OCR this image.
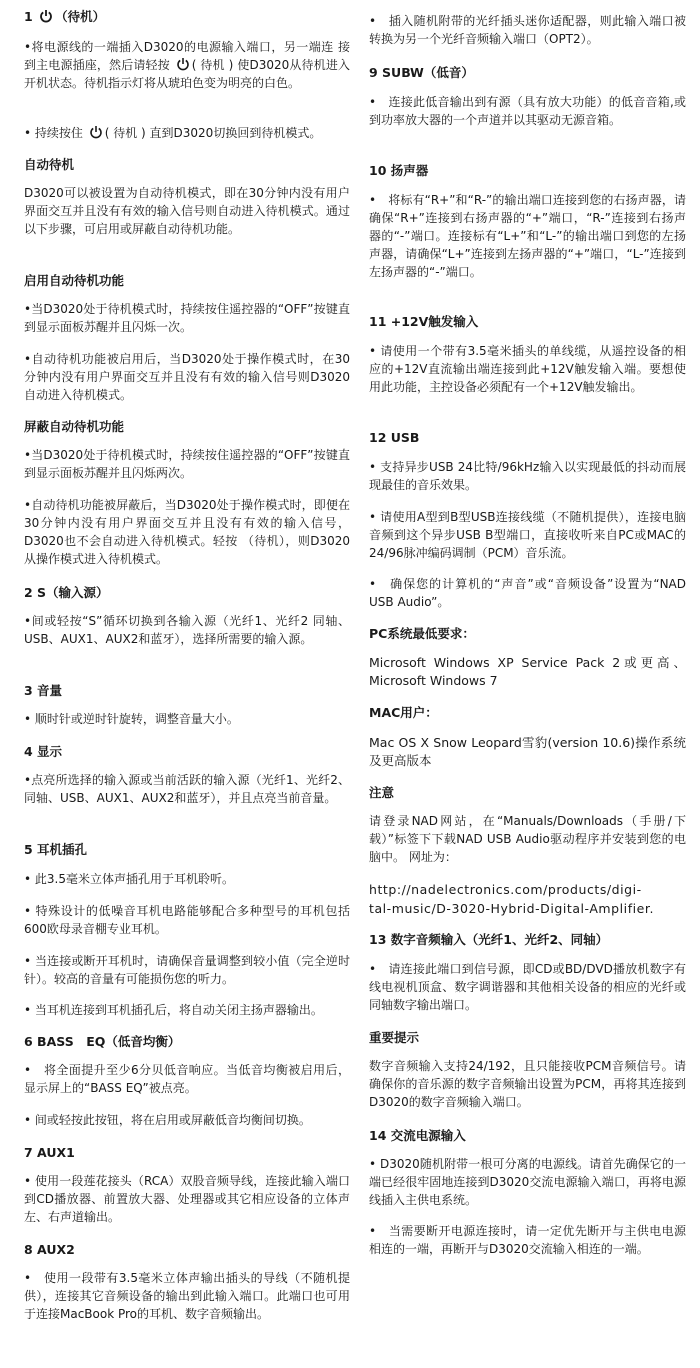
1 （待机）
•将电源线的一端插入D3020的电源输入端口，另一端连 接到主电源插座，然后请轻按 ( 待机 ) 使D3020从待机进入开机状态。待机指示灯将从琥珀色变为明亮的白色。
• 持续按住 ( 待机 ) 直到D3020切换回到待机模式。
自动待机
D3020可以被设置为自动待机模式，即在30分钟内没有用户界面交互并且没有有效的输入信号则自动进入待机模式。通过以下步骤，可启用或屏蔽自动待机功能。
启用自动待机功能
•当D3020处于待机模式时，持续按住遥控器的“OFF”按键直到显示面板苏醒并且闪烁一次。
•自动待机功能被启用后，当D3020处于操作模式时，在30分钟内没有用户界面交互并且没有有效的输入信号则D3020自动进入待机模式。
屏蔽自动待机功能
•当D3020处于待机模式时，持续按住遥控器的“OFF”按键直到显示面板苏醒并且闪烁两次。
•自动待机功能被屏蔽后，当D3020处于操作模式时，即便在30分钟内没有用户界面交互并且没有有效的输入信号，D3020也不会自动进入待机模式。轻按 （待机），则D3020从操作模式进入待机模式。
2 S（输入源）
•间或轻按“S”循环切换到各输入源（光纤1、光纤2 同轴、USB、AUX1、AUX2和蓝牙），选择所需要的输入源。
3 音量
• 顺时针或逆时针旋转，调整音量大小。
4 显示
•点亮所选择的输入源或当前活跃的输入源（光纤1、光纤2、同轴、USB、AUX1、AUX2和蓝牙），并且点亮当前音量。
5 耳机插孔
• 此3.5毫米立体声插孔用于耳机聆听。
• 特殊设计的低噪音耳机电路能够配合多种型号的耳机包括600欧母录音棚专业耳机。
• 当连接或断开耳机时，请确保音量调整到较小值（完全逆时针）。较高的音量有可能损伤您的听力。
• 当耳机连接到耳机插孔后，将自动关闭主扬声器输出。
6 BASS　EQ（低音均衡）
•　将全面提升至少6分贝低音响应。当低音均衡被启用后，显示屏上的“BASS EQ”被点亮。
• 间或轻按此按钮，将在启用或屏蔽低音均衡间切换。
7 AUX1
• 使用一段莲花接头（RCA）双股音频导线，连接此输入端口到CD播放器、前置放大器、处理器或其它相应设备的立体声左、右声道输出。
8 AUX2
•　使用一段带有3.5毫米立体声输出插头的导线（不随机提供），连接其它音频设备的输出到此输入端口。此端口也可用于连接MacBook Pro的耳机、数字音频输出。
•　插入随机附带的光纤插头迷你适配器，则此输入端口被转换为另一个光纤音频输入端口（OPT2）。
9 SUBW（低音）
•　连接此低音输出到有源（具有放大功能）的低音音箱,或到功率放大器的一个声道并以其驱动无源音箱。
10 扬声器
•　将标有“R+”和“R-”的输出端口连接到您的右扬声器，请确保“R+”连接到右扬声器的“+”端口，“R-”连接到右扬声器的“-”端口。连接标有“L+”和“L-”的输出端口到您的左扬声器，请确保“L+”连接到左扬声器的“+”端口，“L-”连接到左扬声器的“-”端口。
11 +12V触发输入
• 请使用一个带有3.5毫米插头的单线缆，从遥控设备的相应的+12V直流输出端连接到此+12V触发输入端。要想使用此功能，主控设备必须配有一个+12V触发输出。
12 USB
• 支持异步USB 24比特/96kHz输入以实现最低的抖动而展现最佳的音乐效果。
• 请使用A型到B型USB连接线缆（不随机提供），连接电脑音频到这个异步USB B型端口，直接收听来自PC或MAC的24/96脉冲编码调制（PCM）音乐流。
•　确保您的计算机的“声音”或“音频设备”设置为“NAD USB Audio”。
PC系统最低要求：
Microsoft Windows XP Service Pack 2或更高、Microsoft Windows 7
MAC用户：
Mac OS X Snow Leopard雪豹(version 10.6)操作系统及更高版本
注意
请登录NAD网站，在“Manuals/Downloads（手册/下载）”标签下下载NAD USB Audio驱动程序并安装到您的电脑中。 网址为：
http://nadelectronics.com/products/digi-
tal-music/D-3020-Hybrid-Digital-Amplifier.
13 数字音频输入（光纤1、光纤2、同轴）
•　请连接此端口到信号源，即CD或BD/DVD播放机数字有线电视机顶盒、数字调谐器和其他相关设备的相应的光纤或同轴数字输出端口。
重要提示
数字音频输入支持24/192，且只能接收PCM音频信号。请确保你的音乐源的数字音频输出设置为PCM，再将其连接到D3020的数字音频输入端口。
14 交流电源输入
• D3020随机附带一根可分离的电源线。请首先确保它的一端已经很牢固地连接到D3020交流电源输入端口，再将电源线插入主供电系统。
•　当需要断开电源连接时，请一定优先断开与主供电电源相连的一端，再断开与D3020交流输入相连的一端。
